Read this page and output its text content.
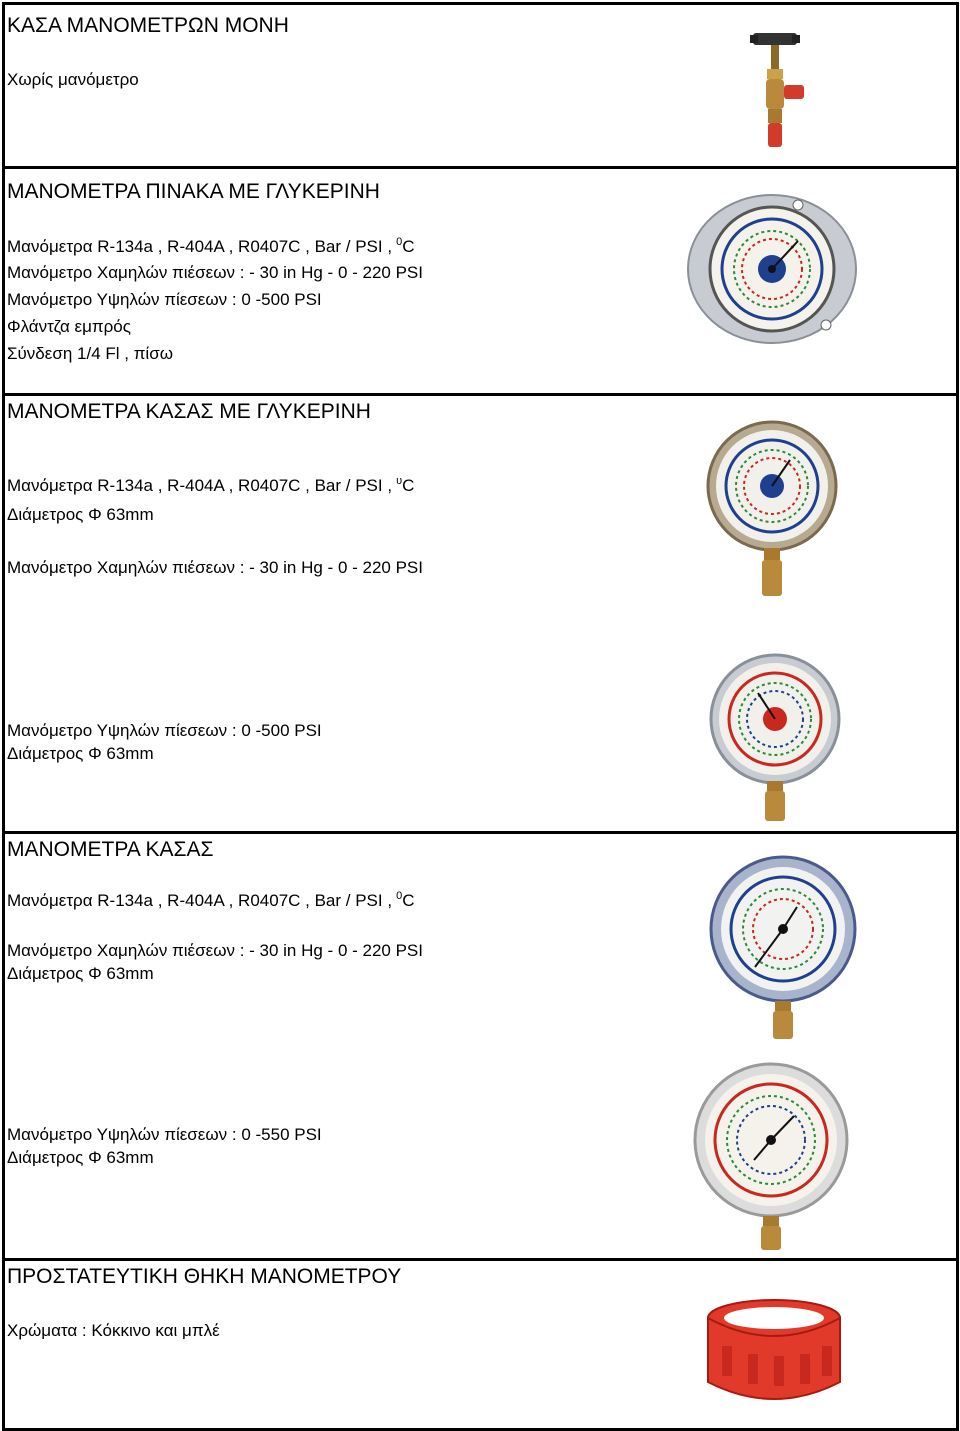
ΚΑΣΑ ΜΑΝΟΜΕΤΡΩΝ ΜΟΝΗ
Χωρίς μανόμετρο
ΜΑΝΟΜΕΤΡΑ ΠΙΝΑΚΑ ΜΕ ΓΛΥΚΕΡΙΝΗ
Μανόμετρα R-134a , R-404A , R0407C , Bar / PSI , $^0$C
Μανόμετρο Χαμηλών πιέσεων : - 30 in Hg - 0 - 220 PSI
Μανόμετρο Υψηλών πίεσεων : 0 -500 PSI
Φλάντζα εμπρός
Σύνδεση 1/4 Fl , πίσω
ΜΑΝΟΜΕΤΡΑ ΚΑΣΑΣ ΜΕ ΓΛΥΚΕΡΙΝΗ
Μανόμετρα R-134a , R-404A , R0407C , Bar / PSI , $^\upsilon$C
Διάμετρος Φ 63mm
Μανόμετρο Χαμηλών πιέσεων : - 30 in Hg - 0 - 220 PSI
Μανόμετρο Υψηλών πίεσεων : 0 -500 PSI
Διάμετρος Φ 63mm
ΜΑΝΟΜΕΤΡΑ ΚΑΣΑΣ
Μανόμετρα R-134a , R-404A , R0407C , Bar / PSI , $^0$C
Μανόμετρο Χαμηλών πιέσεων : - 30 in Hg - 0 - 220 PSI
Διάμετρος Φ 63mm
Μανόμετρο Υψηλών πίεσεων : 0 -550 PSI
Διάμετρος Φ 63mm
ΠΡΟΣΤΑΤΕΥΤΙΚΗ ΘΗΚΗ ΜΑΝΟΜΕΤΡΟΥ
Χρώματα : Κόκκινο και μπλέ
